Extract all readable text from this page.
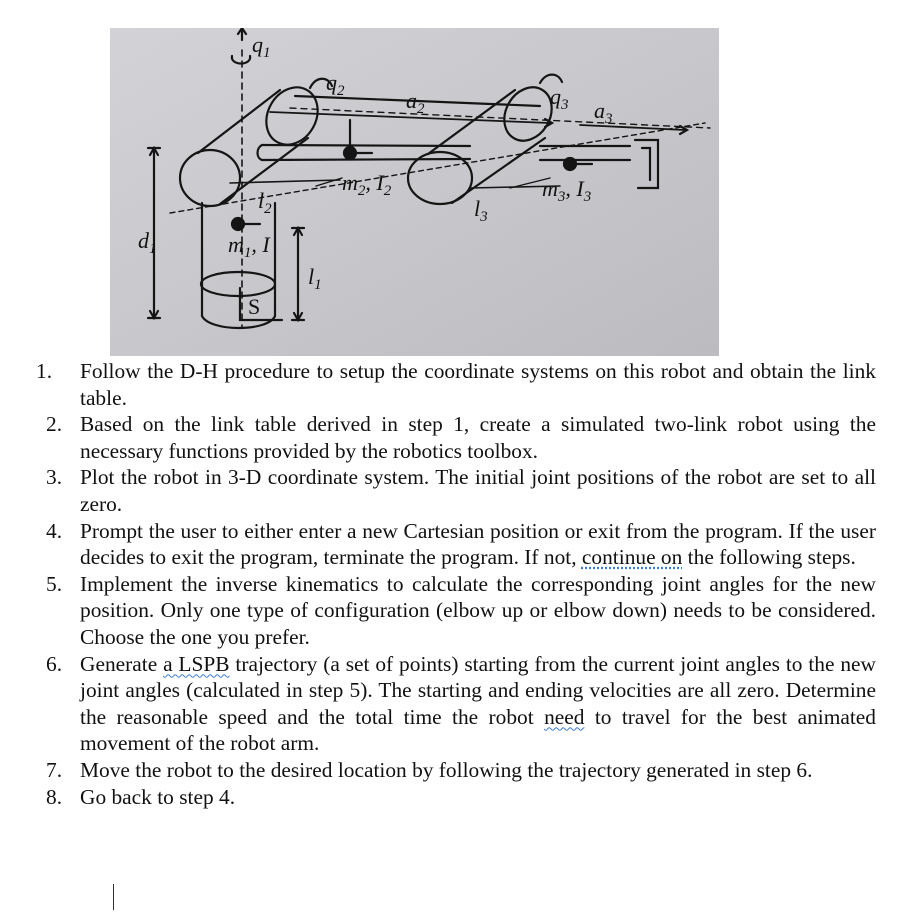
$q_1$
$q_2$	$q_3$
$a_2$	$a_3$
$d_1$
$l_1$
$l_2$	$l_3$
$m_1$, I
$m_2$, $I_2$	$m_3$, $I_3$
S
1. Follow the D-H procedure to setup the coordinate systems on this robot and obtain the link table.
2. Based on the link table derived in step 1, create a simulated two-link robot using the necessary functions provided by the robotics toolbox.
3. Plot the robot in 3-D coordinate system. The initial joint positions of the robot are set to all zero.
4. Prompt the user to either enter a new Cartesian position or exit from the program. If the user decides to exit the program, terminate the program. If not, continue on the following steps.
5. Implement the inverse kinematics to calculate the corresponding joint angles for the new position. Only one type of configuration (elbow up or elbow down) needs to be considered. Choose the one you prefer.
6. Generate a LSPB trajectory (a set of points) starting from the current joint angles to the new joint angles (calculated in step 5). The starting and ending velocities are all zero. Determine the reasonable speed and the total time the robot need to travel for the best animated movement of the robot arm.
7. Move the robot to the desired location by following the trajectory generated in step 6.
8. Go back to step 4.
